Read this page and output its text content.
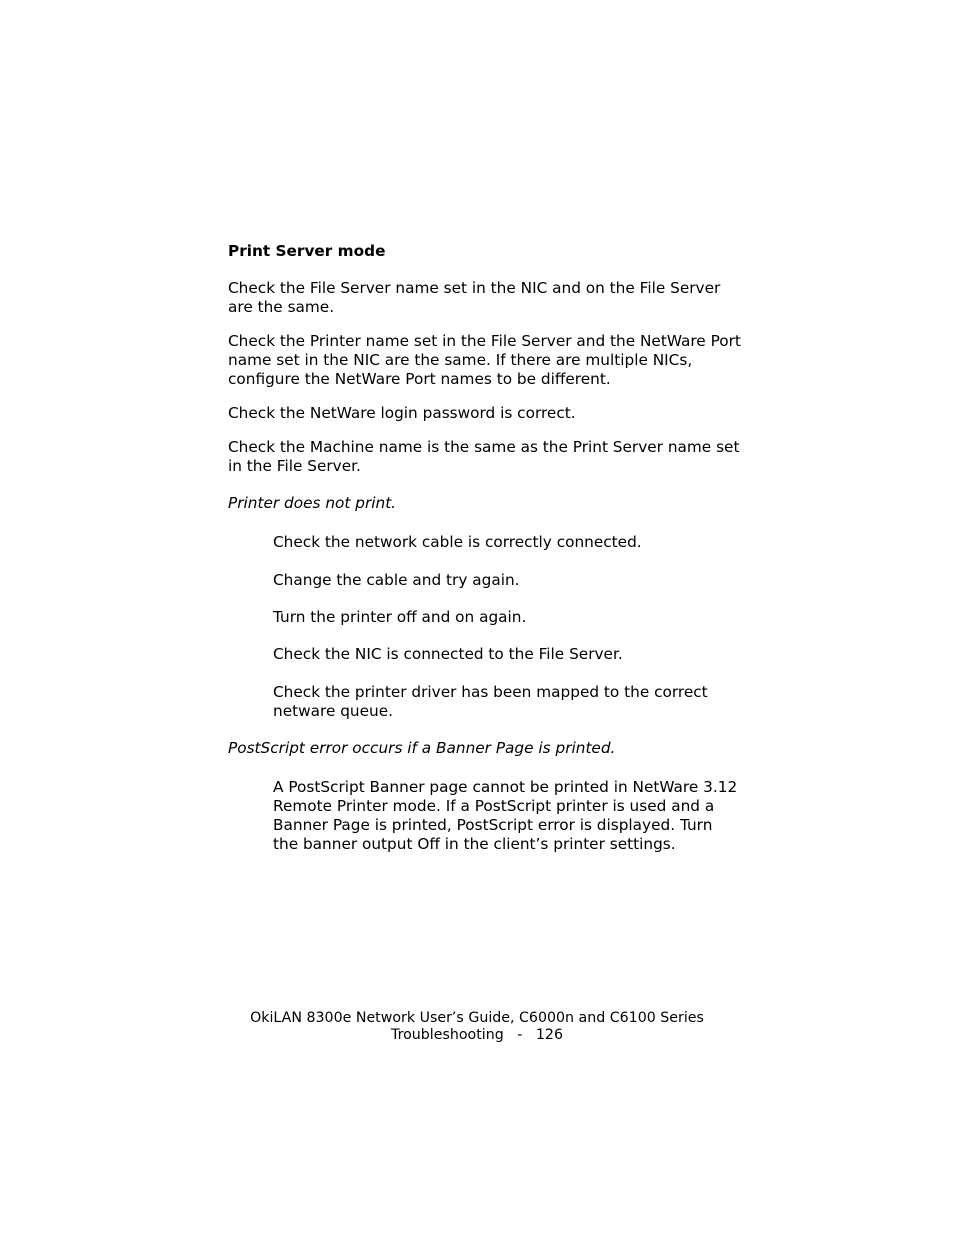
Print Server mode

Check the File Server name set in the NIC and on the File Server
are the same.

Check the Printer name set in the File Server and the NetWare Port
name set in the NIC are the same. If there are multiple NICs,
configure the NetWare Port names to be different.

Check the NetWare login password is correct.

Check the Machine name is the same as the Print Server name set
in the File Server.

Printer does not print.

Check the network cable is correctly connected.

Change the cable and try again.

Turn the printer off and on again.

Check the NIC is connected to the File Server.

Check the printer driver has been mapped to the correct
netware queue.

PostScript error occurs if a Banner Page is printed.

A PostScript Banner page cannot be printed in NetWare 3.12
Remote Printer mode. If a PostScript printer is used and a
Banner Page is printed, PostScript error is displayed. Turn
the banner output Off in the client’s printer settings.

OkiLAN 8300e Network User’s Guide, C6000n and C6100 Series

Troubleshooting   -   126
